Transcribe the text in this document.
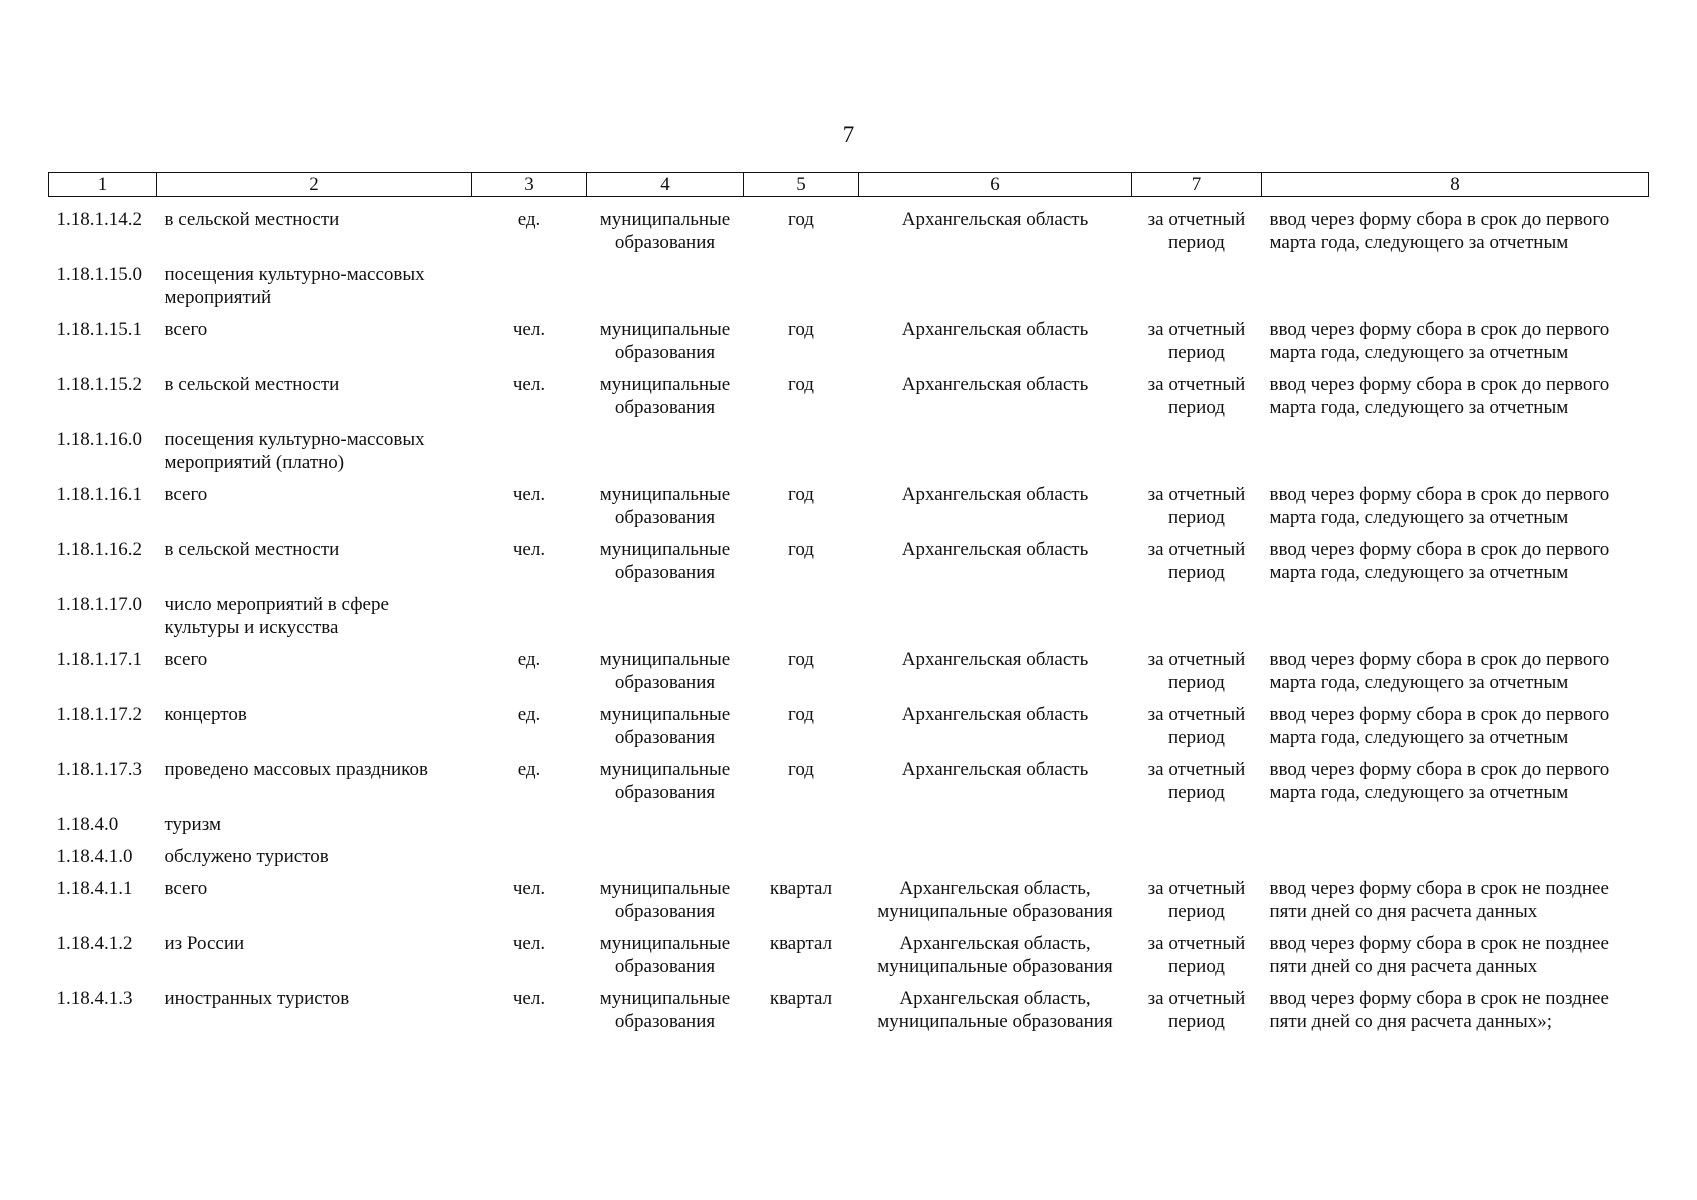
7
1	2	3	4	5	6	7	8
1.18.1.14.2	в сельской местности	ед.	муниципальные образования	год	Архангельская область	за отчетный период	ввод через форму сбора в срок до первого марта года, следующего за отчетным
1.18.1.15.0	посещения культурно-массовых мероприятий						
1.18.1.15.1	всего	чел.	муниципальные образования	год	Архангельская область	за отчетный период	ввод через форму сбора в срок до первого марта года, следующего за отчетным
1.18.1.15.2	в сельской местности	чел.	муниципальные образования	год	Архангельская область	за отчетный период	ввод через форму сбора в срок до первого марта года, следующего за отчетным
1.18.1.16.0	посещения культурно-массовых мероприятий (платно)						
1.18.1.16.1	всего	чел.	муниципальные образования	год	Архангельская область	за отчетный период	ввод через форму сбора в срок до первого марта года, следующего за отчетным
1.18.1.16.2	в сельской местности	чел.	муниципальные образования	год	Архангельская область	за отчетный период	ввод через форму сбора в срок до первого марта года, следующего за отчетным
1.18.1.17.0	число мероприятий в сфере культуры и искусства						
1.18.1.17.1	всего	ед.	муниципальные образования	год	Архангельская область	за отчетный период	ввод через форму сбора в срок до первого марта года, следующего за отчетным
1.18.1.17.2	концертов	ед.	муниципальные образования	год	Архангельская область	за отчетный период	ввод через форму сбора в срок до первого марта года, следующего за отчетным
1.18.1.17.3	проведено массовых праздников	ед.	муниципальные образования	год	Архангельская область	за отчетный период	ввод через форму сбора в срок до первого марта года, следующего за отчетным
1.18.4.0	туризм						
1.18.4.1.0	обслужено туристов						
1.18.4.1.1	всего	чел.	муниципальные образования	квартал	Архангельская область, муниципальные образования	за отчетный период	ввод через форму сбора в срок не позднее пяти дней со дня расчета данных
1.18.4.1.2	из России	чел.	муниципальные образования	квартал	Архангельская область, муниципальные образования	за отчетный период	ввод через форму сбора в срок не позднее пяти дней со дня расчета данных
1.18.4.1.3	иностранных туристов	чел.	муниципальные образования	квартал	Архангельская область, муниципальные образования	за отчетный период	ввод через форму сбора в срок не позднее пяти дней со дня расчета данных»;
